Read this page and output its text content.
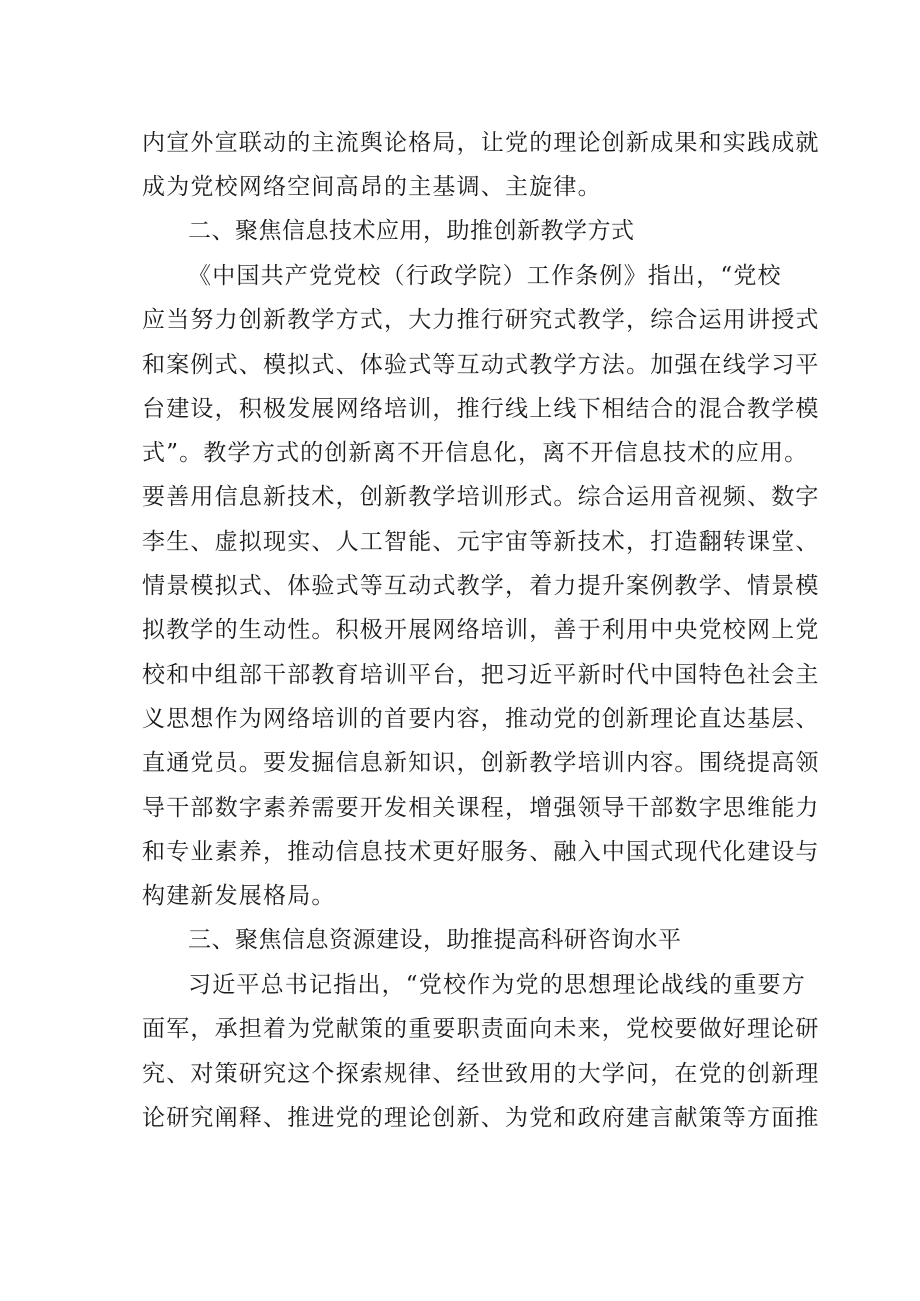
内宣外宣联动的主流舆论格局，让党的理论创新成果和实践成就
成为党校网络空间高昂的主基调、主旋律。
二、聚焦信息技术应用，助推创新教学方式
《中国共产党党校（行政学院）工作条例》指出，“党校
应当努力创新教学方式，大力推行研究式教学，综合运用讲授式
和案例式、模拟式、体验式等互动式教学方法。加强在线学习平
台建设，积极发展网络培训，推行线上线下相结合的混合教学模
式”。教学方式的创新离不开信息化，离不开信息技术的应用。
要善用信息新技术，创新教学培训形式。综合运用音视频、数字
李生、虚拟现实、人工智能、元宇宙等新技术，打造翻转课堂、
情景模拟式、体验式等互动式教学，着力提升案例教学、情景模
拟教学的生动性。积极开展网络培训，善于利用中央党校网上党
校和中组部干部教育培训平台，把习近平新时代中国特色社会主
义思想作为网络培训的首要内容，推动党的创新理论直达基层、
直通党员。要发掘信息新知识，创新教学培训内容。围绕提高领
导干部数字素养需要开发相关课程，增强领导干部数字思维能力
和专业素养，推动信息技术更好服务、融入中国式现代化建设与
构建新发展格局。
三、聚焦信息资源建设，助推提高科研咨询水平
习近平总书记指出，“党校作为党的思想理论战线的重要方
面军，承担着为党献策的重要职责面向未来，党校要做好理论研
究、对策研究这个探索规律、经世致用的大学问，在党的创新理
论研究阐释、推进党的理论创新、为党和政府建言献策等方面推
